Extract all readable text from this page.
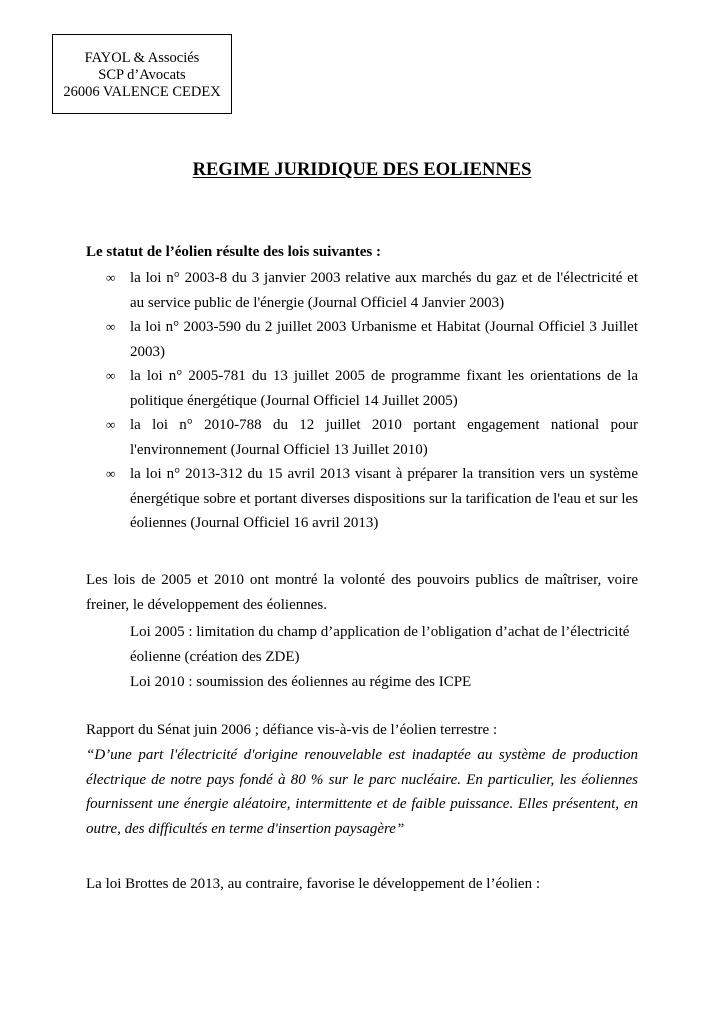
FAYOL & Associés
SCP d’Avocats
26006 VALENCE CEDEX
REGIME JURIDIQUE DES EOLIENNES
Le statut de l’éolien résulte des lois suivantes :
∞ la loi n° 2003-8 du 3 janvier 2003 relative aux marchés du gaz et de l'électricité et au service public de l'énergie (Journal Officiel 4 Janvier 2003)
∞ la loi n° 2003-590 du 2 juillet 2003 Urbanisme et Habitat (Journal Officiel 3 Juillet 2003)
∞ la loi n° 2005-781 du 13 juillet 2005 de programme fixant les orientations de la politique énergétique (Journal Officiel 14 Juillet 2005)
∞ la loi n° 2010-788 du 12 juillet 2010 portant engagement national pour l'environnement (Journal Officiel 13 Juillet 2010)
∞ la loi n° 2013-312 du 15 avril 2013 visant à préparer la transition vers un système énergétique sobre et portant diverses dispositions sur la tarification de l'eau et sur les éoliennes (Journal Officiel 16 avril 2013)
Les lois de 2005 et 2010 ont montré la volonté des pouvoirs publics de maîtriser, voire freiner, le développement des éoliennes.
Loi 2005 : limitation du champ d’application de l’obligation d’achat de l’électricité éolienne (création des ZDE)
Loi 2010 : soumission des éoliennes au régime des ICPE
Rapport du Sénat juin 2006 ; défiance vis-à-vis de l’éolien terrestre :
“D’une part l'électricité d'origine renouvelable est inadaptée au système de production électrique de notre pays fondé à 80 % sur le parc nucléaire. En particulier, les éoliennes fournissent une énergie aléatoire, intermittente et de faible puissance. Elles présentent, en outre, des difficultés en terme d'insertion paysagère”
La loi Brottes de 2013, au contraire, favorise le développement de l’éolien :
